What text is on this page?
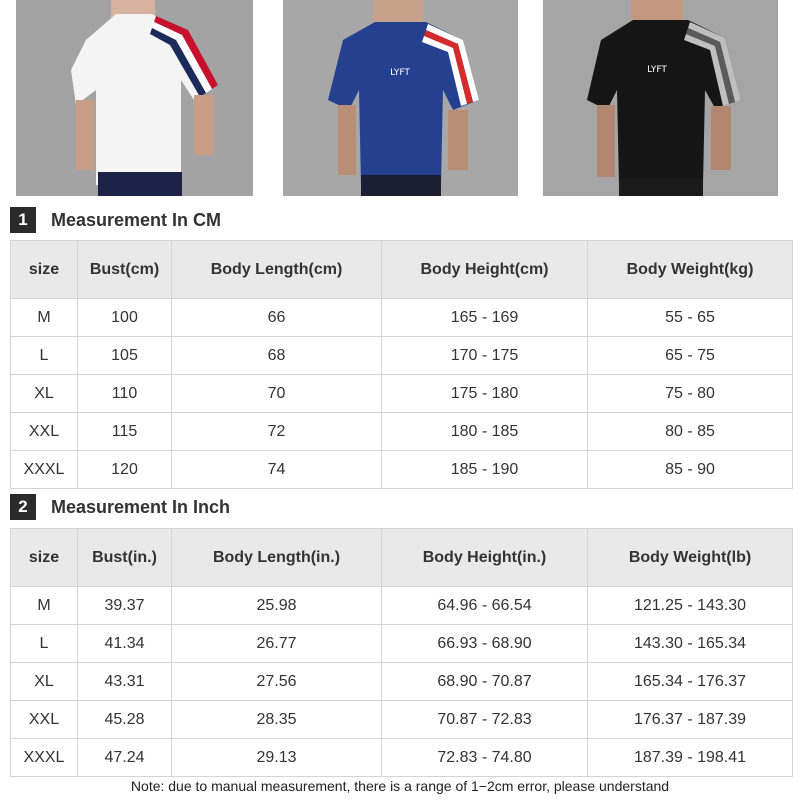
LYFT	LYFT
1	Measurement In CM
size	Bust(cm)	Body Length(cm)	Body Height(cm)	Body Weight(kg)
M	100	66	165 - 169	55 - 65
L	105	68	170 - 175	65 - 75
XL	110	70	175 - 180	75 - 80
XXL	115	72	180 - 185	80 - 85
XXXL	120	74	185 - 190	85 - 90
2	Measurement In Inch
size	Bust(in.)	Body Length(in.)	Body Height(in.)	Body Weight(lb)
M	39.37	25.98	64.96 - 66.54	121.25 - 143.30
L	41.34	26.77	66.93 - 68.90	143.30 - 165.34
XL	43.31	27.56	68.90 - 70.87	165.34 - 176.37
XXL	45.28	28.35	70.87 - 72.83	176.37 - 187.39
XXXL	47.24	29.13	72.83 - 74.80	187.39 - 198.41
Note: due to manual measurement, there is a range of 1−2cm error, please understand
